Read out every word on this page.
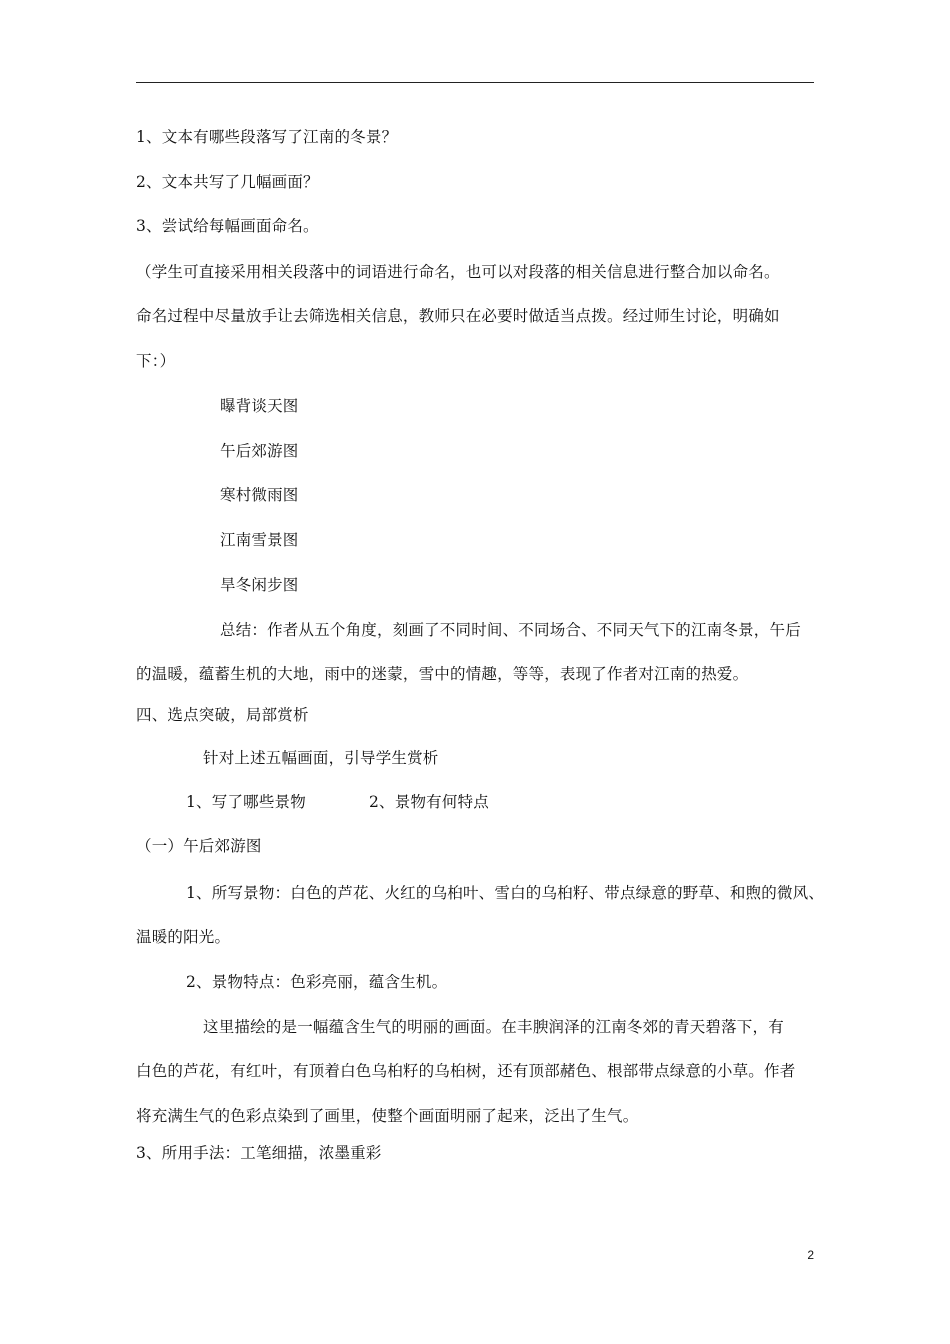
1、文本有哪些段落写了江南的冬景？
2、文本共写了几幅画面？
3、尝试给每幅画面命名。
（学生可直接采用相关段落中的词语进行命名，也可以对段落的相关信息进行整合加以命名。
命名过程中尽量放手让去筛选相关信息，教师只在必要时做适当点拨。经过师生讨论，明确如
下：）
曝背谈天图
午后郊游图
寒村微雨图
江南雪景图
旱冬闲步图
总结：作者从五个角度，刻画了不同时间、不同场合、不同天气下的江南冬景，午后
的温暖，蕴蓄生机的大地，雨中的迷蒙，雪中的情趣，等等，表现了作者对江南的热爱。
四、选点突破，局部赏析
针对上述五幅画面，引导学生赏析
1、写了哪些景物	2、景物有何特点
（一）午后郊游图
1、所写景物：白色的芦花、火红的乌桕叶、雪白的乌桕籽、带点绿意的野草、和煦的微风、
温暖的阳光。
2、景物特点：色彩亮丽，蕴含生机。
这里描绘的是一幅蕴含生气的明丽的画面。在丰腴润泽的江南冬郊的青天碧落下，有
白色的芦花，有红叶，有顶着白色乌桕籽的乌桕树，还有顶部赭色、根部带点绿意的小草。作者
将充满生气的色彩点染到了画里，使整个画面明丽了起来，泛出了生气。
3、所用手法：工笔细描，浓墨重彩
2
